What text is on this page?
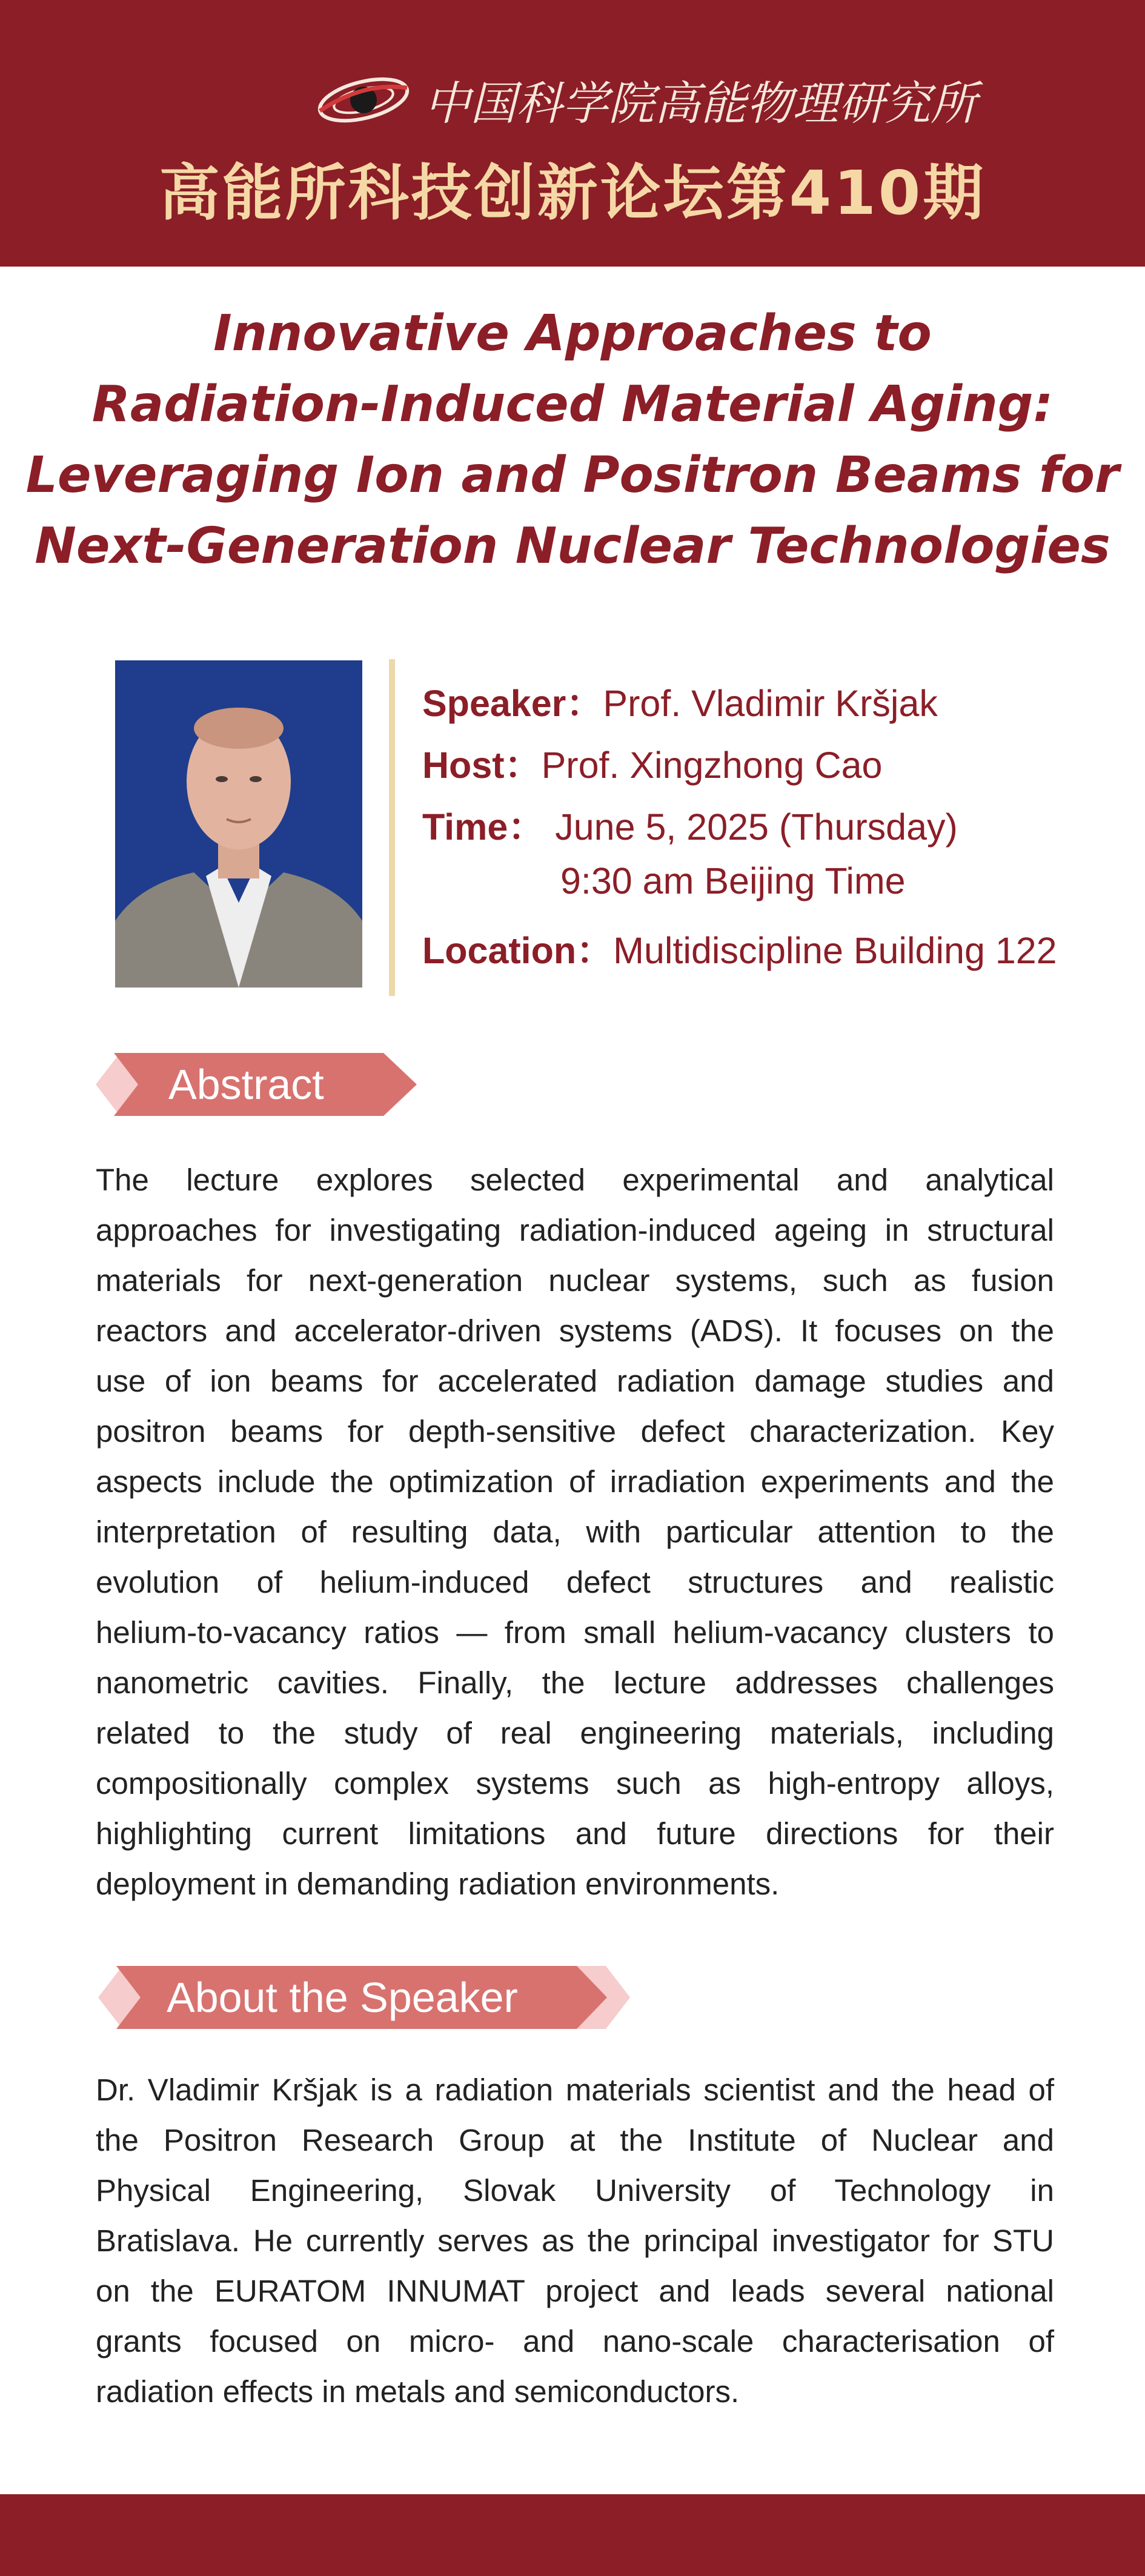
中国科学院高能物理研究所
高能所科技创新论坛第410期
Innovative Approaches to
Radiation-Induced Material Aging:
Leveraging Ion and Positron Beams for
Next-Generation Nuclear Technologies
Speaker：Prof. Vladimir Kršjak
Host：Prof. Xingzhong Cao
Time： June 5, 2025 (Thursday)
9:30 am Beijing Time
Location：Multidiscipline Building 122
Abstract
The lecture explores selected experimental and analytical
approaches for investigating radiation-induced ageing in structural
materials for next-generation nuclear systems, such as fusion
reactors and accelerator-driven systems (ADS). It focuses on the
use of ion beams for accelerated radiation damage studies and
positron beams for depth-sensitive defect characterization. Key
aspects include the optimization of irradiation experiments and the
interpretation of resulting data, with particular attention to the
evolution of helium-induced defect structures and realistic
helium-to-vacancy ratios — from small helium-vacancy clusters to
nanometric cavities. Finally, the lecture addresses challenges
related to the study of real engineering materials, including
compositionally complex systems such as high-entropy alloys,
highlighting current limitations and future directions for their
deployment in demanding radiation environments.
About the Speaker
Dr. Vladimir Kršjak is a radiation materials scientist and the head of
the Positron Research Group at the Institute of Nuclear and
Physical Engineering, Slovak University of Technology in
Bratislava. He currently serves as the principal investigator for STU
on the EURATOM INNUMAT project and leads several national
grants focused on micro- and nano-scale characterisation of
radiation effects in metals and semiconductors.
